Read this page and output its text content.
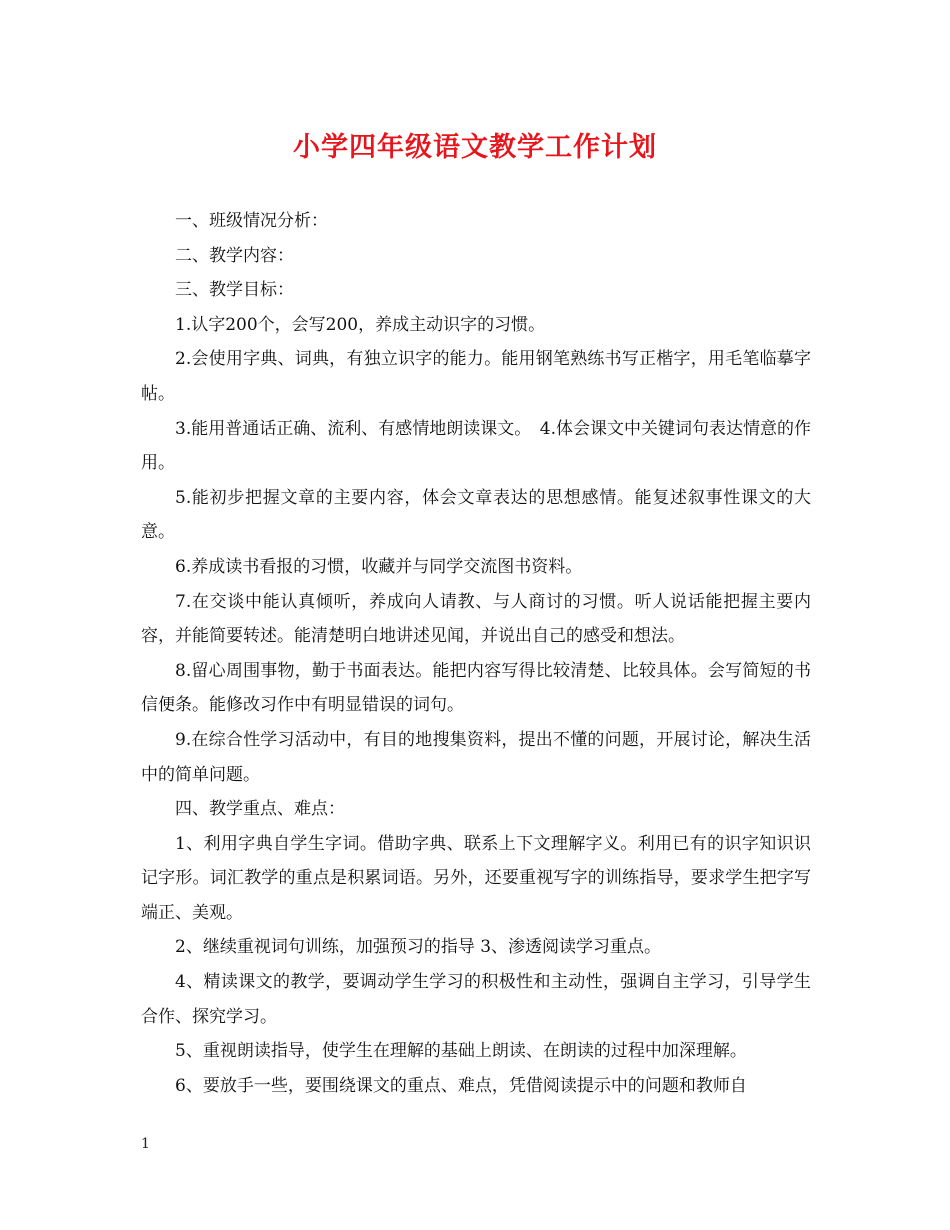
小学四年级语文教学工作计划

一、班级情况分析：

二、教学内容：

三、教学目标：

1.认字200个，会写200，养成主动识字的习惯。

2.会使用字典、词典，有独立识字的能力。能用钢笔熟练书写正楷字，用毛笔临摹字帖。

3.能用普通话正确、流利、有感情地朗读课文。　4.体会课文中关键词句表达情意的作用。

5.能初步把握文章的主要内容，体会文章表达的思想感情。能复述叙事性课文的大意。

6.养成读书看报的习惯，收藏并与同学交流图书资料。

7.在交谈中能认真倾听，养成向人请教、与人商讨的习惯。听人说话能把握主要内容，并能简要转述。能清楚明白地讲述见闻，并说出自己的感受和想法。

8.留心周围事物，勤于书面表达。能把内容写得比较清楚、比较具体。会写简短的书信便条。能修改习作中有明显错误的词句。

9.在综合性学习活动中，有目的地搜集资料，提出不懂的问题，开展讨论，解决生活中的简单问题。

四、教学重点、难点：

1、利用字典自学生字词。借助字典、联系上下文理解字义。利用已有的识字知识识记字形。词汇教学的重点是积累词语。另外，还要重视写字的训练指导，要求学生把字写端正、美观。

2、继续重视词句训练，加强预习的指导 3、渗透阅读学习重点。

4、精读课文的教学，要调动学生学习的积极性和主动性，强调自主学习，引导学生合作、探究学习。

5、重视朗读指导，使学生在理解的基础上朗读、在朗读的过程中加深理解。

6、要放手一些，要围绕课文的重点、难点，凭借阅读提示中的问题和教师自

1
